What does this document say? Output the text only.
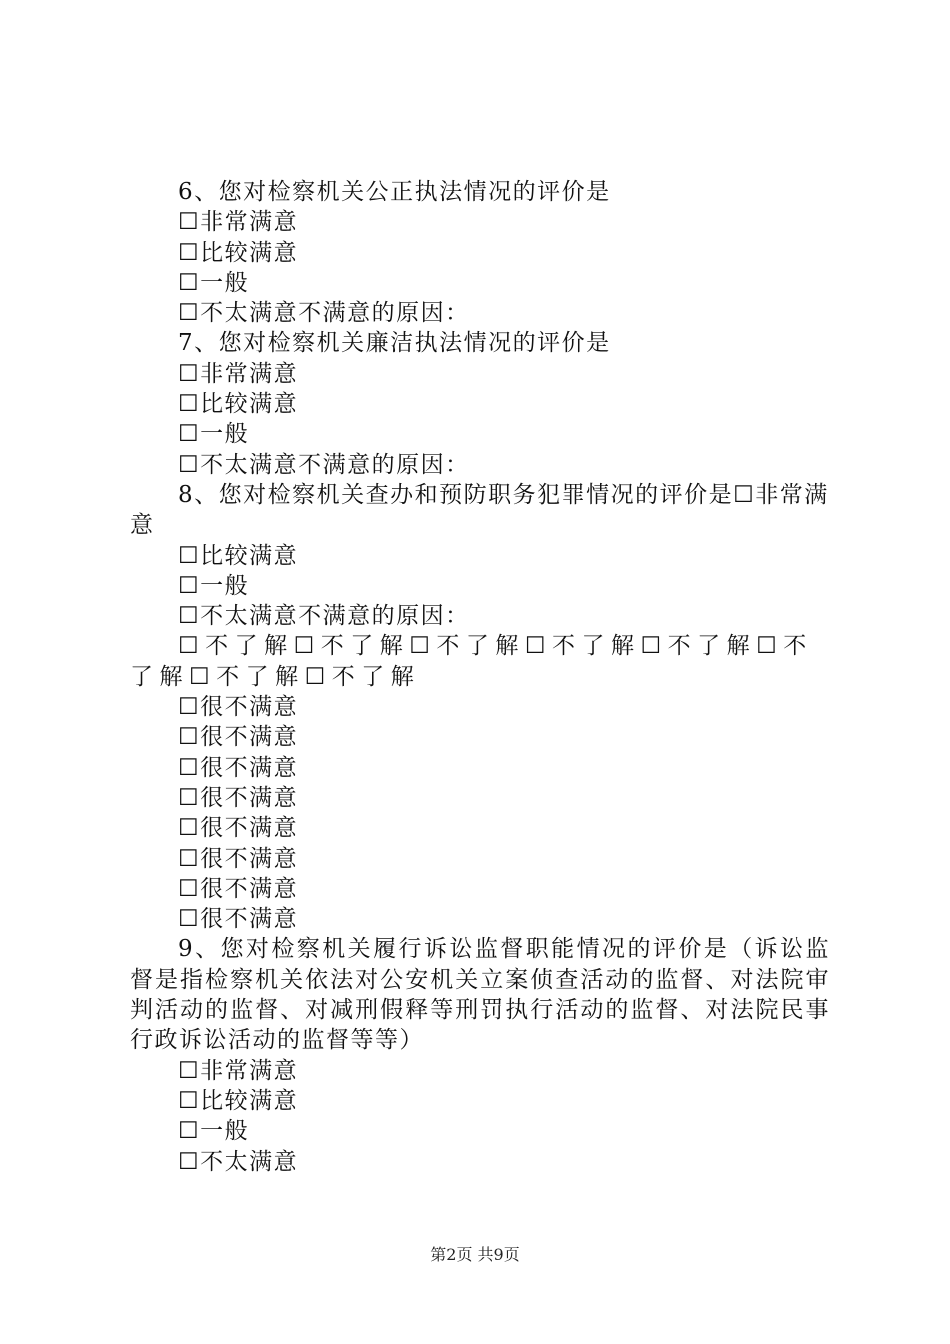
6、您对检察机关公正执法情况的评价是
☐非常满意
☐比较满意
☐一般
☐不太满意不满意的原因：
7、您对检察机关廉洁执法情况的评价是
☐非常满意
☐比较满意
☐一般
☐不太满意不满意的原因：
8、您对检察机关查办和预防职务犯罪情况的评价是☐非常满意
☐比较满意
☐一般
☐不太满意不满意的原因：
☐不了解☐不了解☐不了解☐不了解☐不了解☐不了解☐不了解☐不了解
☐很不满意
☐很不满意
☐很不满意
☐很不满意
☐很不满意
☐很不满意
☐很不满意
☐很不满意
9、您对检察机关履行诉讼监督职能情况的评价是（诉讼监督是指检察机关依法对公安机关立案侦查活动的监督、对法院审判活动的监督、对减刑假释等刑罚执行活动的监督、对法院民事行政诉讼活动的监督等等）
☐非常满意
☐比较满意
☐一般
☐不太满意
第2页 共9页
